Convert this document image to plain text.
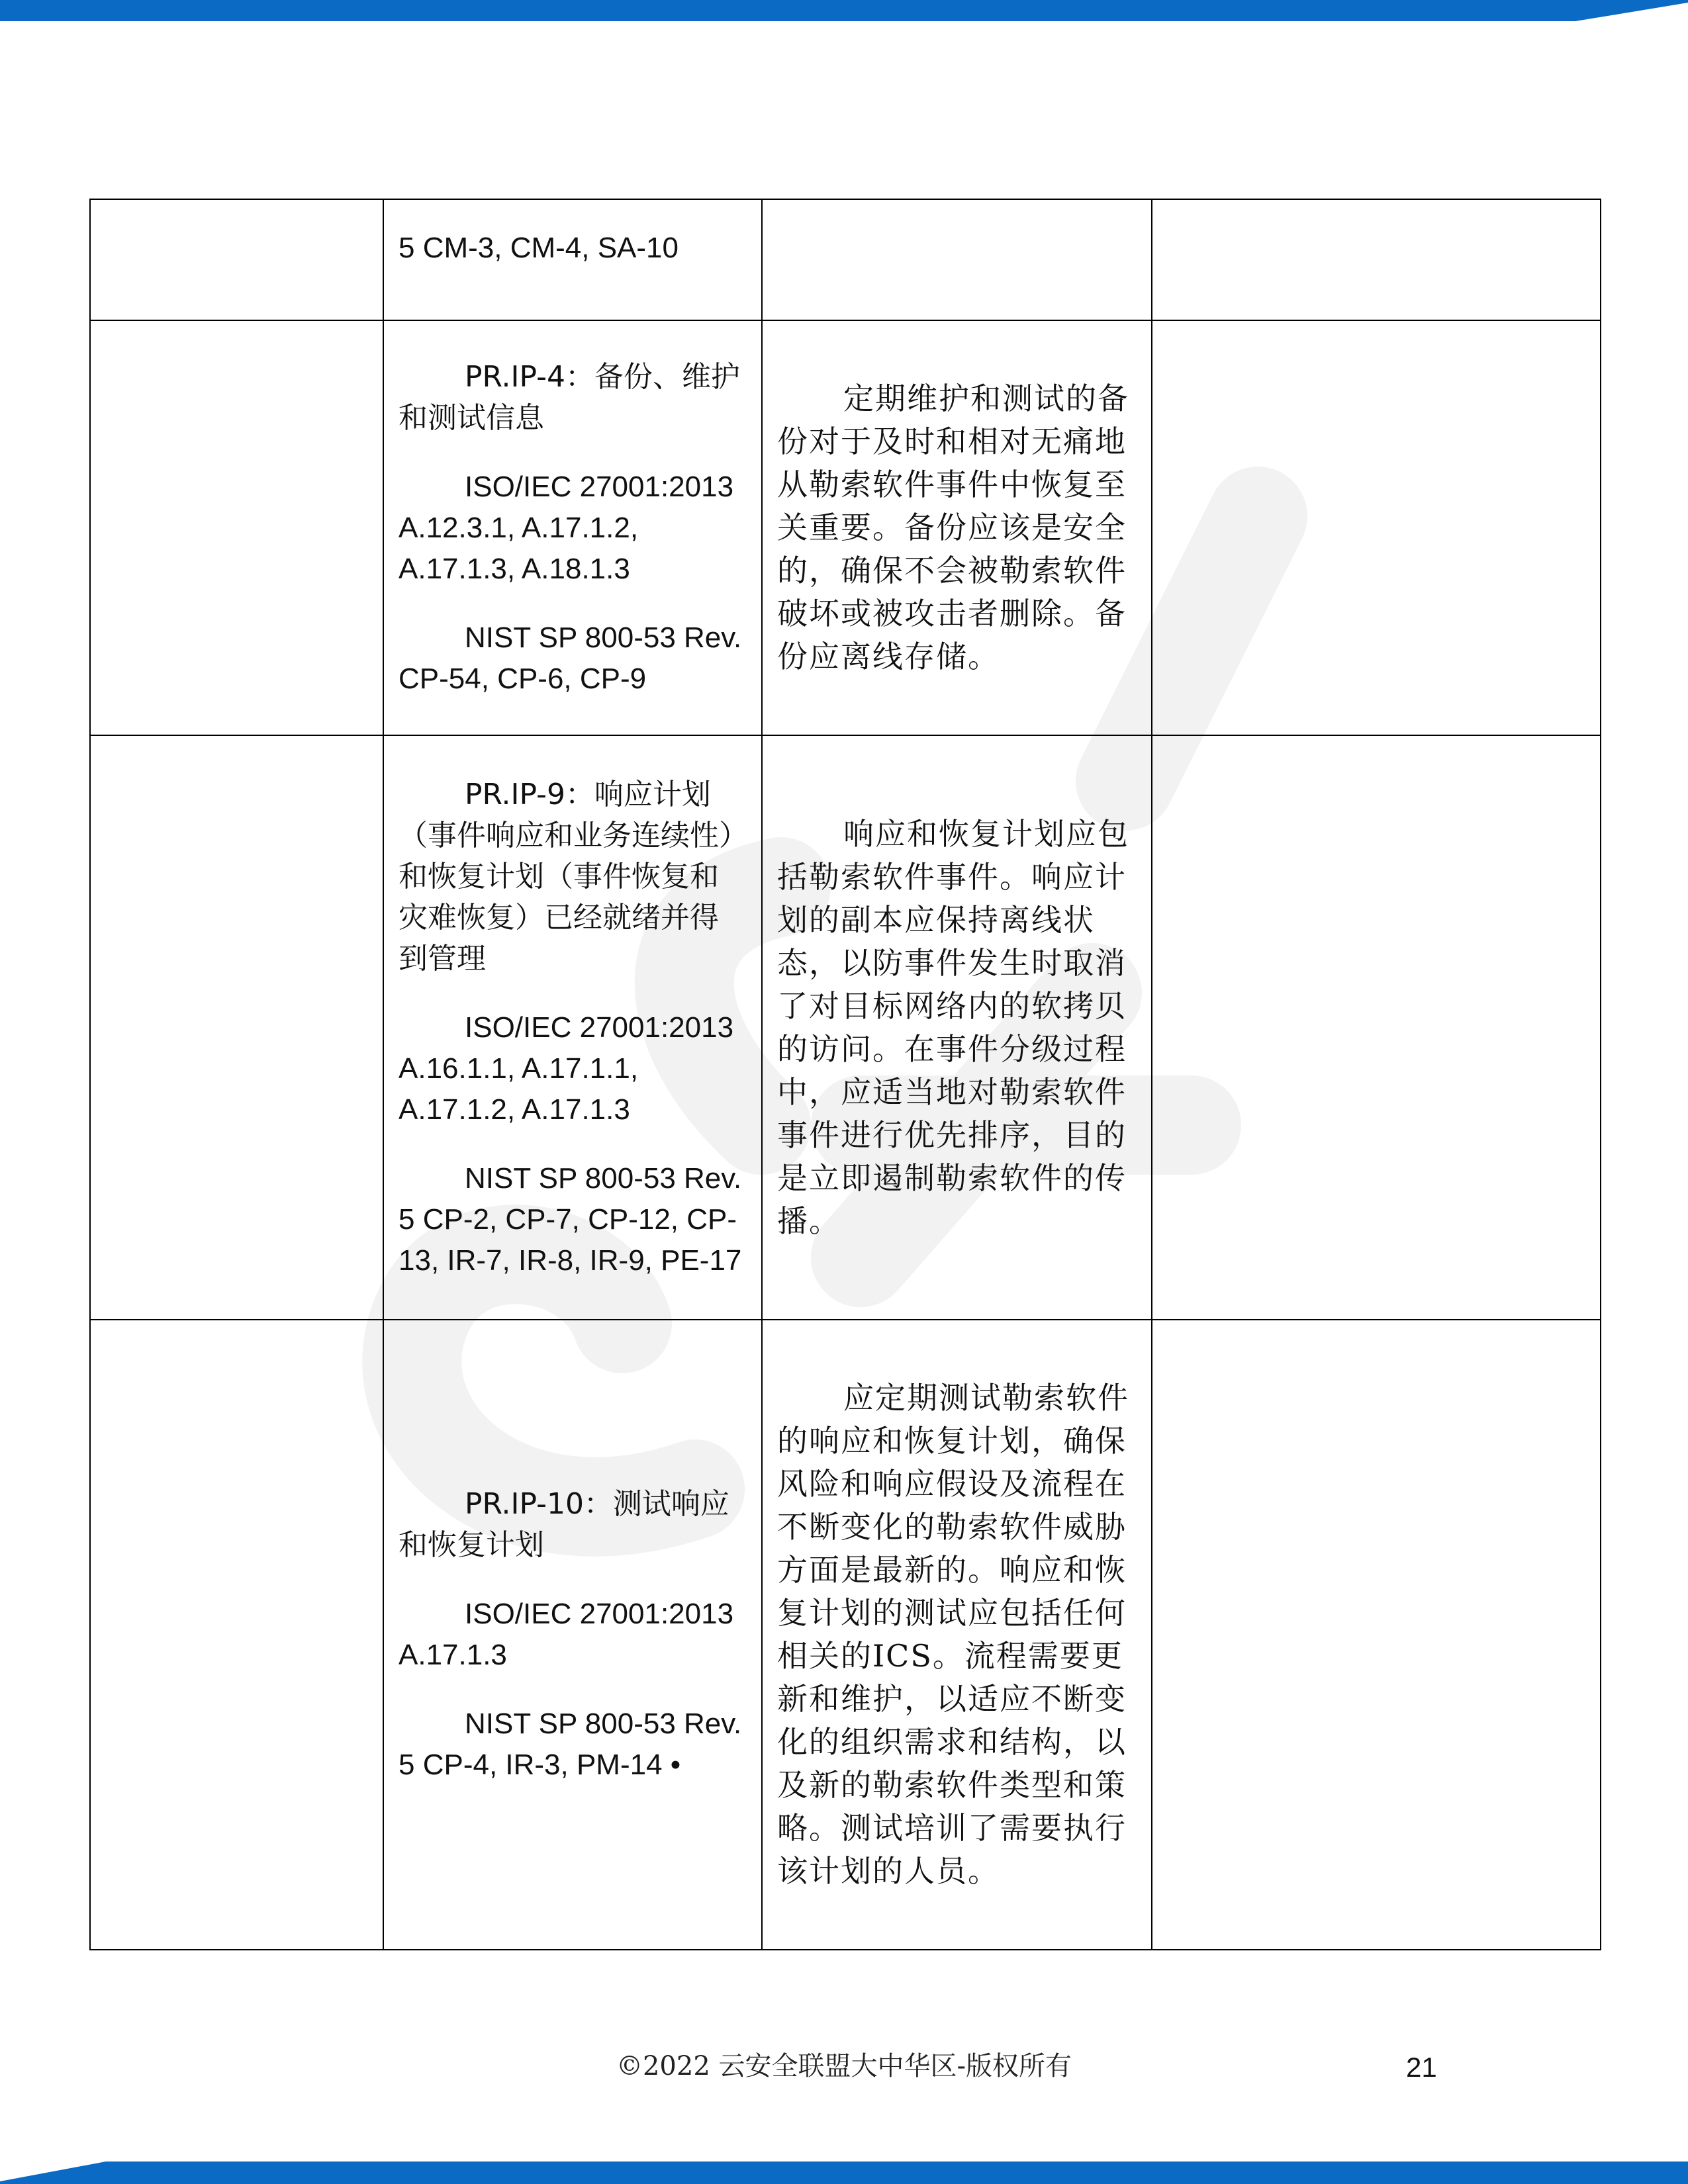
	5 CM-3, CM-4, SA-10		

	PR.IP-4：备份、维护和测试信息

ISO/IEC 27001:2013 A.12.3.1, A.17.1.2, A.17.1.3, A.18.1.3

NIST SP 800-53 Rev. CP-54, CP-6, CP-9	定期维护和测试的备份对于及时和相对无痛地从勒索软件事件中恢复至关重要。备份应该是安全的，确保不会被勒索软件破坏或被攻击者删除。备份应离线存储。	

	PR.IP-9：响应计划（事件响应和业务连续性）和恢复计划（事件恢复和灾难恢复）已经就绪并得到管理

ISO/IEC 27001:2013 A.16.1.1, A.17.1.1, A.17.1.2, A.17.1.3

NIST SP 800-53 Rev. 5 CP-2, CP-7, CP-12, CP-13, IR-7, IR-8, IR-9, PE-17	响应和恢复计划应包括勒索软件事件。响应计划的副本应保持离线状态，以防事件发生时取消了对目标网络内的软拷贝的访问。在事件分级过程中，应适当地对勒索软件事件进行优先排序，目的是立即遏制勒索软件的传播。	

	PR.IP-10：测试响应和恢复计划

ISO/IEC 27001:2013 A.17.1.3

NIST SP 800-53 Rev. 5 CP-4, IR-3, PM-14 •	应定期测试勒索软件的响应和恢复计划，确保风险和响应假设及流程在不断变化的勒索软件威胁方面是最新的。响应和恢复计划的测试应包括任何相关的ICS。流程需要更新和维护，以适应不断变化的组织需求和结构，以及新的勒索软件类型和策略。测试培训了需要执行该计划的人员。	

©2022 云安全联盟大中华区-版权所有	21
